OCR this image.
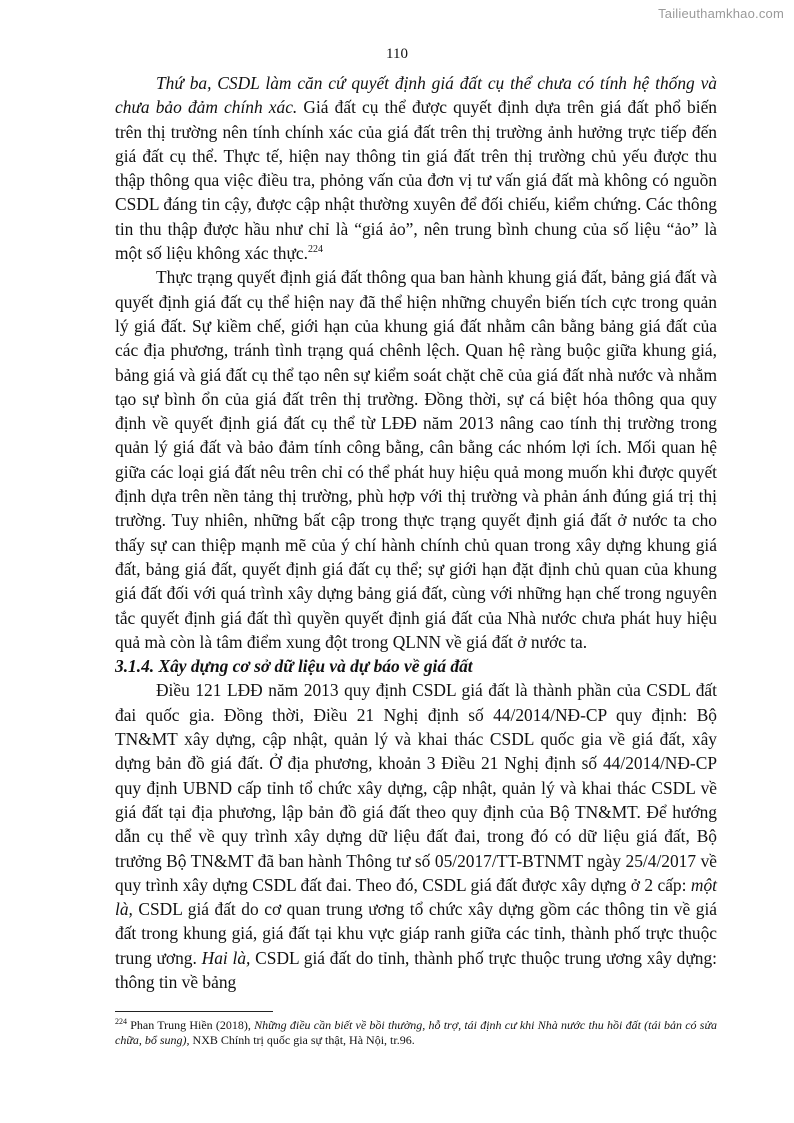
Tailieuthamkhao.com
110

Thứ ba, CSDL làm căn cứ quyết định giá đất cụ thể chưa có tính hệ thống và chưa bảo đảm chính xác. Giá đất cụ thể được quyết định dựa trên giá đất phổ biến trên thị trường nên tính chính xác của giá đất trên thị trường ảnh hưởng trực tiếp đến giá đất cụ thể. Thực tế, hiện nay thông tin giá đất trên thị trường chủ yếu được thu thập thông qua việc điều tra, phỏng vấn của đơn vị tư vấn giá đất mà không có nguồn CSDL đáng tin cậy, được cập nhật thường xuyên để đối chiếu, kiểm chứng. Các thông tin thu thập được hầu như chỉ là “giá ảo”, nên trung bình chung của số liệu “ảo” là một số liệu không xác thực.$^{224}$

Thực trạng quyết định giá đất thông qua ban hành khung giá đất, bảng giá đất và quyết định giá đất cụ thể hiện nay đã thể hiện những chuyển biến tích cực trong quản lý giá đất. Sự kiềm chế, giới hạn của khung giá đất nhằm cân bằng bảng giá đất của các địa phương, tránh tình trạng quá chênh lệch. Quan hệ ràng buộc giữa khung giá, bảng giá và giá đất cụ thể tạo nên sự kiểm soát chặt chẽ của giá đất nhà nước và nhằm tạo sự bình ổn của giá đất trên thị trường. Đồng thời, sự cá biệt hóa thông qua quy định về quyết định giá đất cụ thể từ LĐĐ năm 2013 nâng cao tính thị trường trong quản lý giá đất và bảo đảm tính công bằng, cân bằng các nhóm lợi ích. Mối quan hệ giữa các loại giá đất nêu trên chỉ có thể phát huy hiệu quả mong muốn khi được quyết định dựa trên nền tảng thị trường, phù hợp với thị trường và phản ánh đúng giá trị thị trường. Tuy nhiên, những bất cập trong thực trạng quyết định giá đất ở nước ta cho thấy sự can thiệp mạnh mẽ của ý chí hành chính chủ quan trong xây dựng khung giá đất, bảng giá đất, quyết định giá đất cụ thể; sự giới hạn đặt định chủ quan của khung giá đất đối với quá trình xây dựng bảng giá đất, cùng với những hạn chế trong nguyên tắc quyết định giá đất thì quyền quyết định giá đất của Nhà nước chưa phát huy hiệu quả mà còn là tâm điểm xung đột trong QLNN về giá đất ở nước ta.

3.1.4. Xây dựng cơ sở dữ liệu và dự báo về giá đất

Điều 121 LĐĐ năm 2013 quy định CSDL giá đất là thành phần của CSDL đất đai quốc gia. Đồng thời, Điều 21 Nghị định số 44/2014/NĐ-CP quy định: Bộ TN&MT xây dựng, cập nhật, quản lý và khai thác CSDL quốc gia về giá đất, xây dựng bản đồ giá đất. Ở địa phương, khoản 3 Điều 21 Nghị định số 44/2014/NĐ-CP quy định UBND cấp tỉnh tổ chức xây dựng, cập nhật, quản lý và khai thác CSDL về giá đất tại địa phương, lập bản đồ giá đất theo quy định của Bộ TN&MT. Để hướng dẫn cụ thể về quy trình xây dựng dữ liệu đất đai, trong đó có dữ liệu giá đất, Bộ trưởng Bộ TN&MT đã ban hành Thông tư số 05/2017/TT-BTNMT ngày 25/4/2017 về quy trình xây dựng CSDL đất đai. Theo đó, CSDL giá đất được xây dựng ở 2 cấp: một là, CSDL giá đất do cơ quan trung ương tổ chức xây dựng gồm các thông tin về giá đất trong khung giá, giá đất tại khu vực giáp ranh giữa các tỉnh, thành phố trực thuộc trung ương. Hai là, CSDL giá đất do tỉnh, thành phố trực thuộc trung ương xây dựng: thông tin về bảng

$^{224}$ Phan Trung Hiền (2018), Những điều cần biết về bồi thường, hỗ trợ, tái định cư khi Nhà nước thu hồi đất (tái bản có sửa chữa, bổ sung), NXB Chính trị quốc gia sự thật, Hà Nội, tr.96.
